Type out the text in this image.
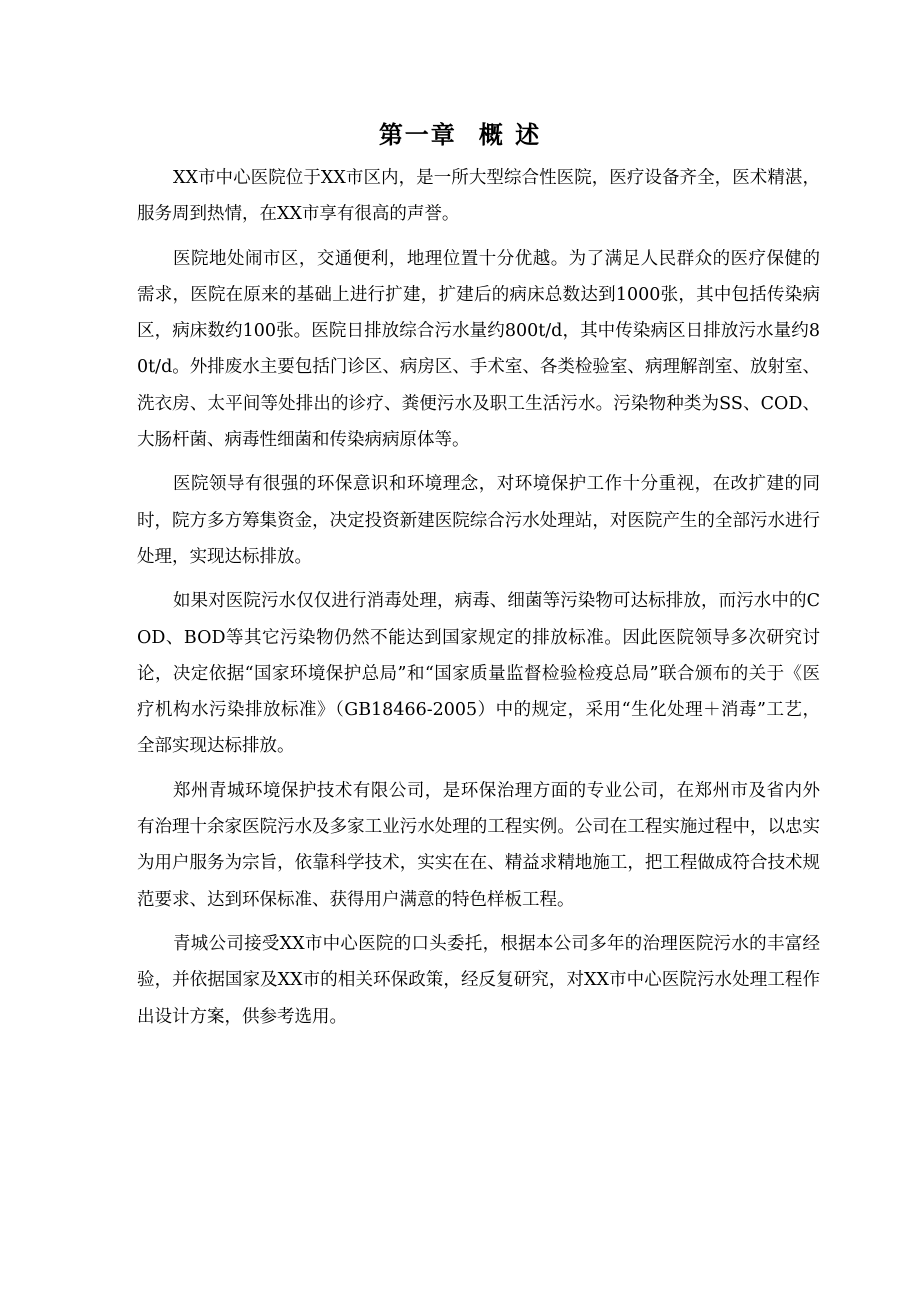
第一章 概 述

XX市中心医院位于XX市区内，是一所大型综合性医院，医疗设备齐全，医术精湛，服务周到热情，在XX市享有很高的声誉。

医院地处闹市区，交通便利，地理位置十分优越。为了满足人民群众的医疗保健的需求，医院在原来的基础上进行扩建，扩建后的病床总数达到1000张，其中包括传染病区，病床数约100张。医院日排放综合污水量约800t/d，其中传染病区日排放污水量约80t/d。外排废水主要包括门诊区、病房区、手术室、各类检验室、病理解剖室、放射室、洗衣房、太平间等处排出的诊疗、粪便污水及职工生活污水。污染物种类为SS、COD、大肠杆菌、病毒性细菌和传染病病原体等。

医院领导有很强的环保意识和环境理念，对环境保护工作十分重视，在改扩建的同时，院方多方筹集资金，决定投资新建医院综合污水处理站，对医院产生的全部污水进行处理，实现达标排放。

如果对医院污水仅仅进行消毒处理，病毒、细菌等污染物可达标排放，而污水中的COD、BOD等其它污染物仍然不能达到国家规定的排放标准。因此医院领导多次研究讨论，决定依据“国家环境保护总局”和“国家质量监督检验检疫总局”联合颁布的关于《医疗机构水污染排放标准》（GB18466-2005）中的规定，采用“生化处理＋消毒”工艺，全部实现达标排放。

郑州青城环境保护技术有限公司，是环保治理方面的专业公司，在郑州市及省内外有治理十余家医院污水及多家工业污水处理的工程实例。公司在工程实施过程中，以忠实为用户服务为宗旨，依靠科学技术，实实在在、精益求精地施工，把工程做成符合技术规范要求、达到环保标准、获得用户满意的特色样板工程。

青城公司接受XX市中心医院的口头委托，根据本公司多年的治理医院污水的丰富经验，并依据国家及XX市的相关环保政策，经反复研究，对XX市中心医院污水处理工程作出设计方案，供参考选用。
